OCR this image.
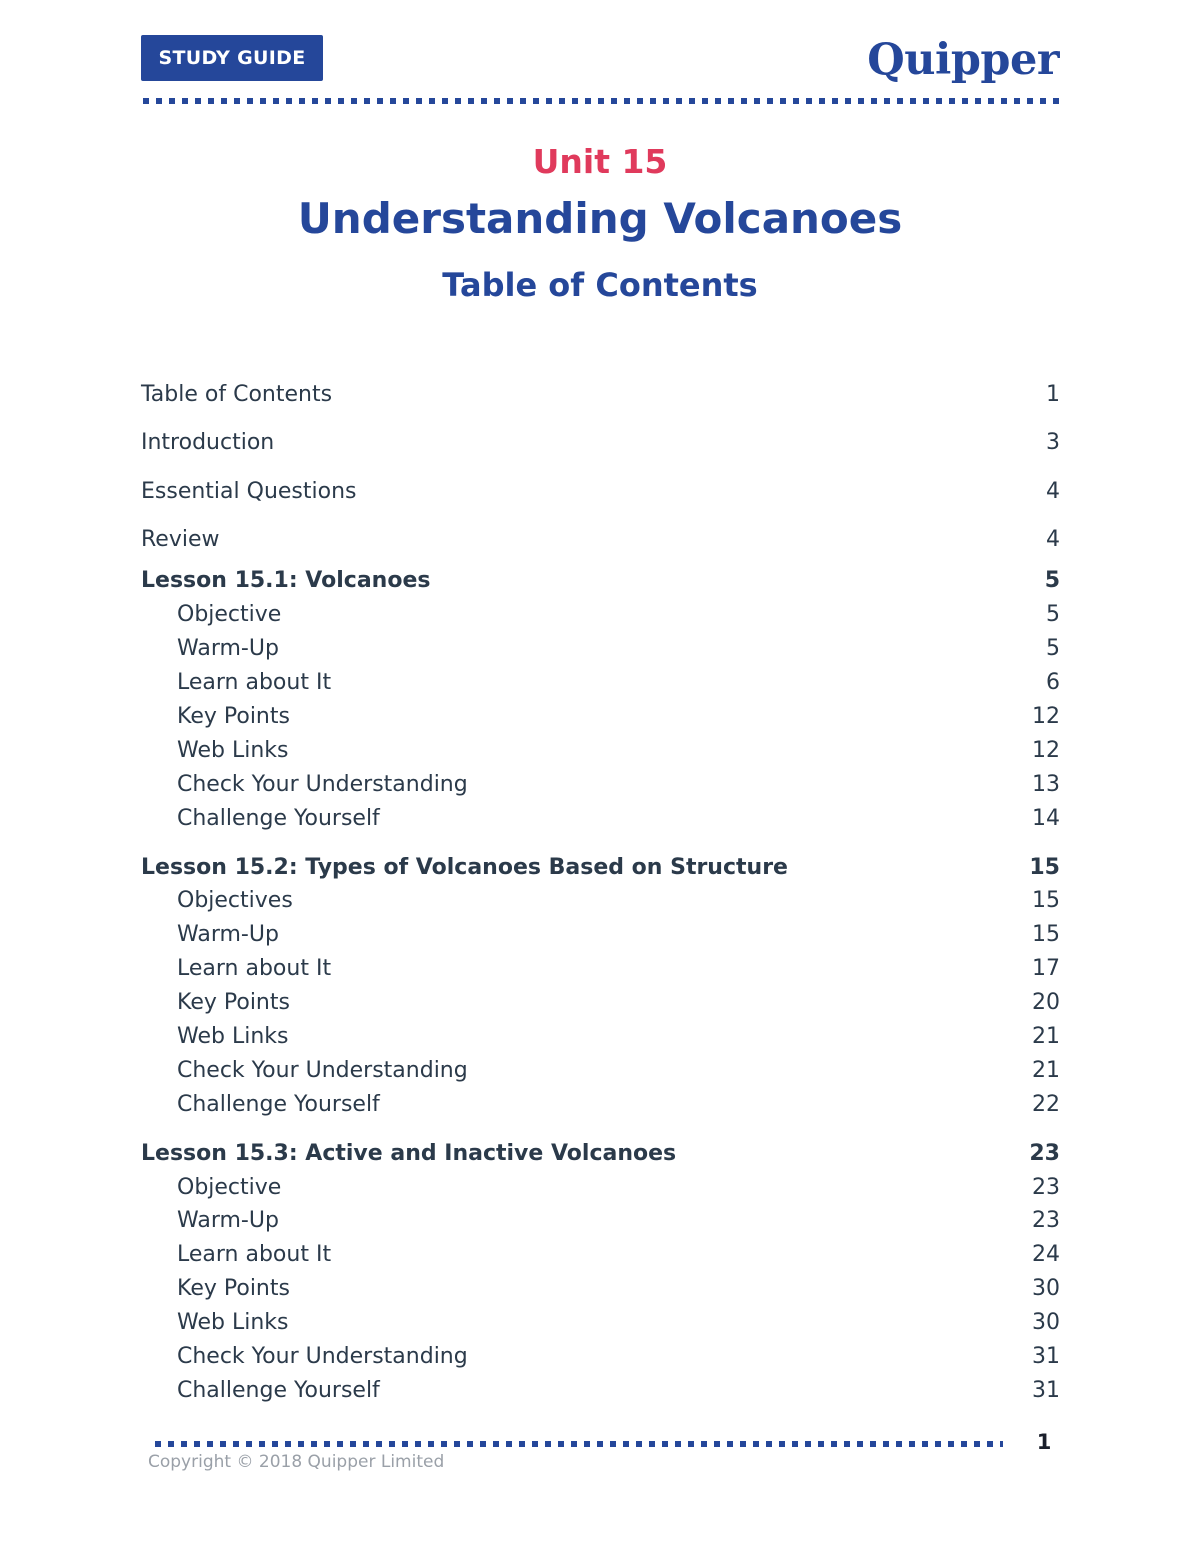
STUDY GUIDE	Quipper
Unit 15
Understanding Volcanoes
Table of Contents
Table of Contents	1
Introduction	3
Essential Questions	4
Review	4
Lesson 15.1: Volcanoes	5
Objective	5
Warm-Up	5
Learn about It	6
Key Points	12
Web Links	12
Check Your Understanding	13
Challenge Yourself	14
Lesson 15.2: Types of Volcanoes Based on Structure	15
Objectives	15
Warm-Up	15
Learn about It	17
Key Points	20
Web Links	21
Check Your Understanding	21
Challenge Yourself	22
Lesson 15.3: Active and Inactive Volcanoes	23
Objective	23
Warm-Up	23
Learn about It	24
Key Points	30
Web Links	30
Check Your Understanding	31
Challenge Yourself	31
1
Copyright © 2018 Quipper Limited
